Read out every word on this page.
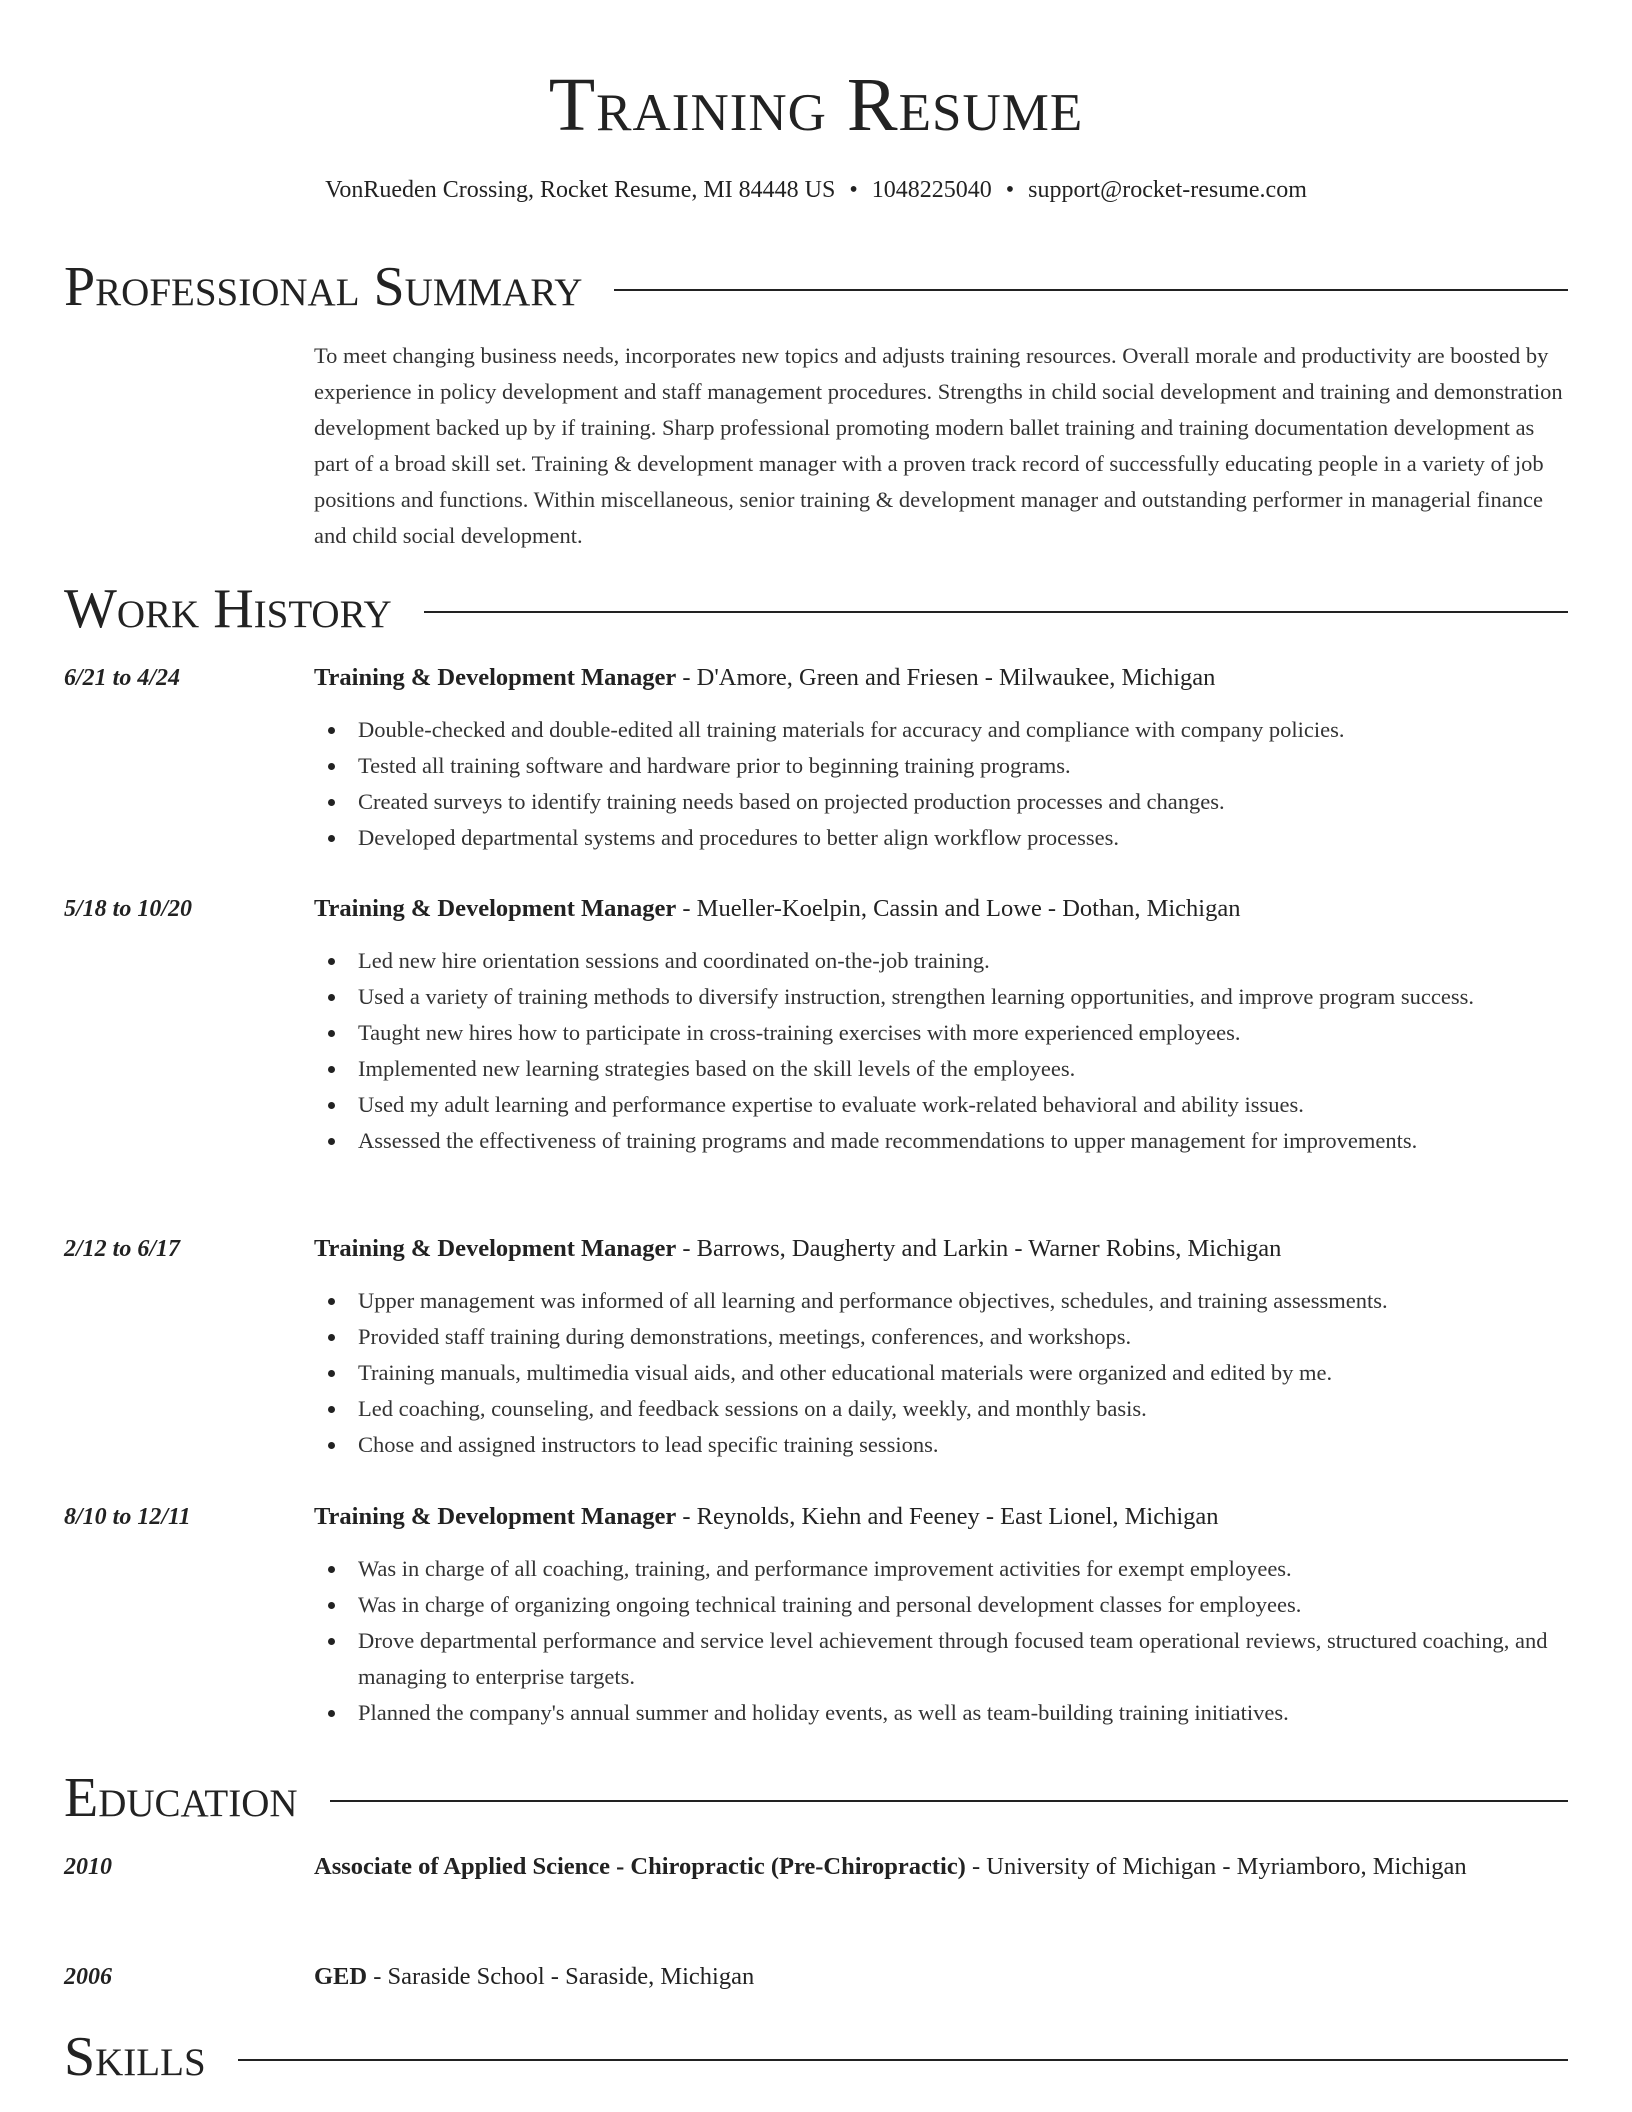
Training Resume
VonRueden Crossing, Rocket Resume, MI 84448 US • 1048225040 • support@rocket-resume.com
Professional Summary

To meet changing business needs, incorporates new topics and adjusts training resources. Overall morale and productivity are boosted by experience in policy development and staff management procedures. Strengths in child social development and training and demonstration development backed up by if training. Sharp professional promoting modern ballet training and training documentation development as part of a broad skill set. Training & development manager with a proven track record of successfully educating people in a variety of job positions and functions. Within miscellaneous, senior training & development manager and outstanding performer in managerial finance and child social development.

Work History
6/21 to 4/24	Training & Development Manager - D'Amore, Green and Friesen - Milwaukee, Michigan
Double-checked and double-edited all training materials for accuracy and compliance with company policies.
Tested all training software and hardware prior to beginning training programs.
Created surveys to identify training needs based on projected production processes and changes.
Developed departmental systems and procedures to better align workflow processes.
5/18 to 10/20	Training & Development Manager - Mueller-Koelpin, Cassin and Lowe - Dothan, Michigan
Led new hire orientation sessions and coordinated on-the-job training.
Used a variety of training methods to diversify instruction, strengthen learning opportunities, and improve program success.
Taught new hires how to participate in cross-training exercises with more experienced employees.
Implemented new learning strategies based on the skill levels of the employees.
Used my adult learning and performance expertise to evaluate work-related behavioral and ability issues.
Assessed the effectiveness of training programs and made recommendations to upper management for improvements.
2/12 to 6/17	Training & Development Manager - Barrows, Daugherty and Larkin - Warner Robins, Michigan
Upper management was informed of all learning and performance objectives, schedules, and training assessments.
Provided staff training during demonstrations, meetings, conferences, and workshops.
Training manuals, multimedia visual aids, and other educational materials were organized and edited by me.
Led coaching, counseling, and feedback sessions on a daily, weekly, and monthly basis.
Chose and assigned instructors to lead specific training sessions.
8/10 to 12/11	Training & Development Manager - Reynolds, Kiehn and Feeney - East Lionel, Michigan
Was in charge of all coaching, training, and performance improvement activities for exempt employees.
Was in charge of organizing ongoing technical training and personal development classes for employees.
Drove departmental performance and service level achievement through focused team operational reviews, structured coaching, and managing to enterprise targets.
Planned the company's annual summer and holiday events, as well as team-building training initiatives.
Education
2010	Associate of Applied Science - Chiropractic (Pre-Chiropractic) - University of Michigan - Myriamboro, Michigan
2006	GED - Saraside School - Saraside, Michigan
Skills
